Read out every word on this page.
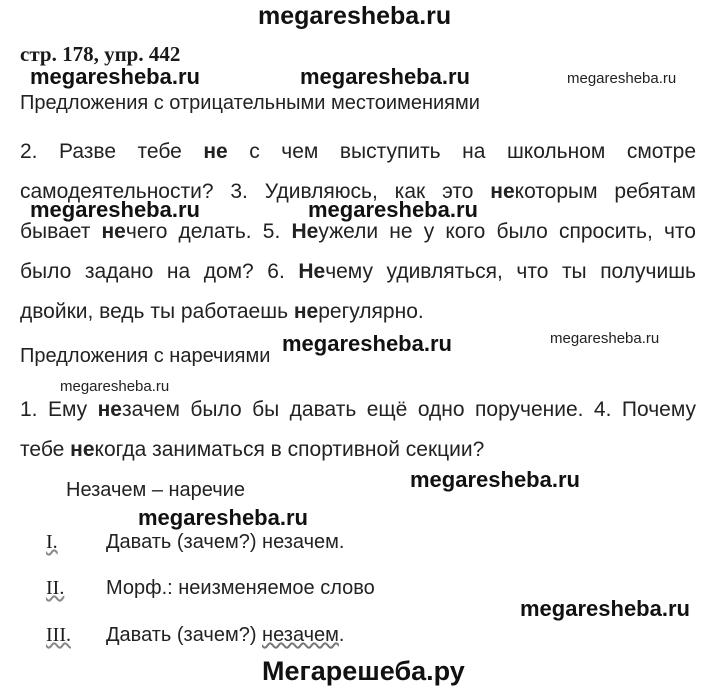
megaresheba.ru
megaresheba.ru	megaresheba.ru	megaresheba.ru
megaresheba.ru	megaresheba.ru
megaresheba.ru
megaresheba.ru
megaresheba.ru
megaresheba.ru
megaresheba.ru
megaresheba.ru
стр. 178, упр. 442
Предложения с отрицательными местоимениями
2. Разве тебе не с чем выступить на школьном смотре самодеятельности? 3. Удивляюсь, как это некоторым ребятам бывает нечего делать. 5. Неужели не у кого было спросить, что было задано на дом? 6. Нечему удивляться, что ты получишь двойки, ведь ты работаешь нерегулярно.
Предложения с наречиями
1. Ему незачем было бы давать ещё одно поручение. 4. Почему тебе некогда заниматься в спортивной секции?
Незачем – наречие
I. Давать (зачем?) незачем.
II. Морф.: неизменяемое слово
III. Давать (зачем?) незачем.
Мегарешеба.ру
